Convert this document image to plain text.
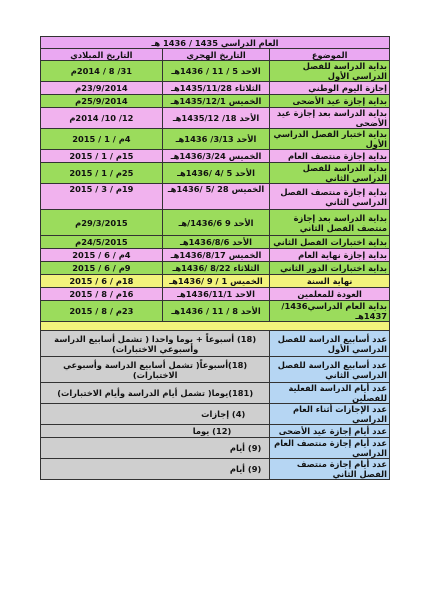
العام الدراسي 1435 / 1436 هـ		
الموضوع	التاريخ الهجري	التاريخ الميلادي
بداية الدراسة للفصل الدراسي الأول	الاحد 5 / 11 / 1436هـ	31/ 8 / 2014م
إجازة اليوم الوطني	الثلاثاء 1435/11/28هـ	23/9/2014م
بداية إجازة عيد الأضحى	الخميس 1435/12/1هـ	25/9/2014م
بداية الدراسة بعد إجازة عيد الأضحى	الأحد 18/ 1435/12هـ	12/ 10/ 2014م
بداية اختبار الفصل الدراسي الأول	الأحد 3/13/ 1436هـ	4م / 1 / 2015
بداية إجازة منتصف العام	الخميس 1436/3/24هـ	15م / 1 / 2015
بداية الدراسة للفصل الدراسي الثاني	الأحد 5 /4 /1436هـ	25م / 1 / 2015
بداية إجازة منتصف الفصل الدراسي الثاني	الخميس 28 /5 /1436هـ	19م / 3 / 2015
بداية الدراسة بعد إجازة منتصف الفصل الثاني	الأحد 9 1436/6/هـ	29/3/2015م
بداية اختبارات الفصل الثاني	الأحد 1436/8/6هـ	24/5/2015م
بداية إجازة نهاية العام	الخميس 1436/8/17هـ	4م / 6 / 2015
بداية اختبارات الدور الثاني	الثلاثاء 8/22 /1436هـ	9م / 6 / 2015
نهاية السنة	الخميس 1 / 9 /1436هـ	18م / 6 / 2015
العودة للمعلمين	الاحد 1436/11/1هـ	16م / 8 / 2015
بداية العام الدراسي1436/ 1437هـ	الأحد 8 / 11 / 1436هـ	23م / 8 / 2015

عدد أسابيع الدراسة للفصل الدراسي الأول	(18) أسبوعاً + يوما واحدا ( تشمل أسابيع الدراسة وأسبوعي الاختبارات)	
عدد أسابيع الدراسة للفصل الدراسي الثاني	(18)أسبوعاً( تشمل أسابيع الدراسة وأسبوعي الاختبارات)	
عدد أيام الدراسة الفعلية للفصلين	(181)يوما( تشمل أيام الدراسة وأيام الاختبارات)	
عدد الإجازات أثناء العام الدراسي	(4) إجازات	
عدد أيام إجازة عيد الأضحى	(12) يوما	
عدد أيام إجازة منتصف العام الدراسي	(9) أيام	
عدد أيام إجازة منتصف الفصل الثاني	(9) أيام	
